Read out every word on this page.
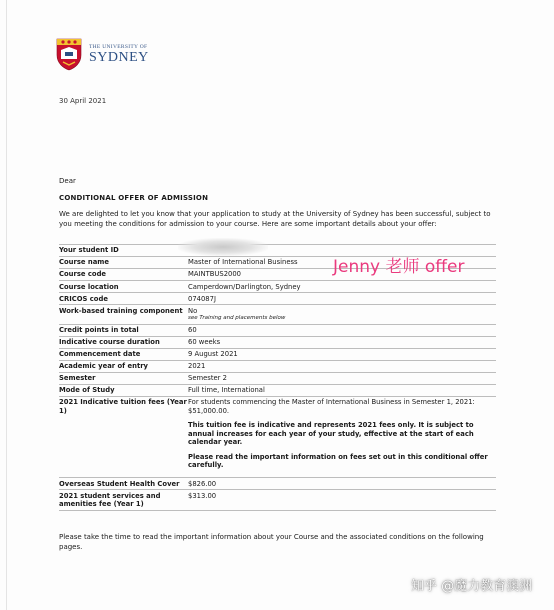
THE UNIVERSITY OF
SYDNEY
30 April 2021
Dear
CONDITIONAL OFFER OF ADMISSION
We are delighted to let you know that your application to study at the University of Sydney has been successful, subject to you meeting the conditions for admission to your course. Here are some important details about your offer:
Your student ID	
Course name	Master of International Business
Course code	MAINTBUS2000
Course location	Camperdown/Darlington, Sydney
CRICOS code	074087J
Work-based training component	No
see Training and placements below

Credit points in total	60
Indicative course duration	60 weeks
Commencement date	9 August 2021
Academic year of entry	2021
Semester	Semester 2
Mode of Study	Full time, International
2021 Indicative tuition fees (Year 1)	For students commencing the Master of International Business in Semester 1, 2021: $51,000.00.
This tuition fee is indicative and represents 2021 fees only. It is subject to annual increases for each year of your study, effective at the start of each calendar year.
Please read the important information on fees set out in this conditional offer carefully.

Overseas Student Health Cover	$826.00
2021 student services and amenities fee (Year 1)	$313.00
Please take the time to read the important information about your Course and the associated conditions on the following pages.
Jenny 老师 offer
知乎 @魔力教育澳洲
